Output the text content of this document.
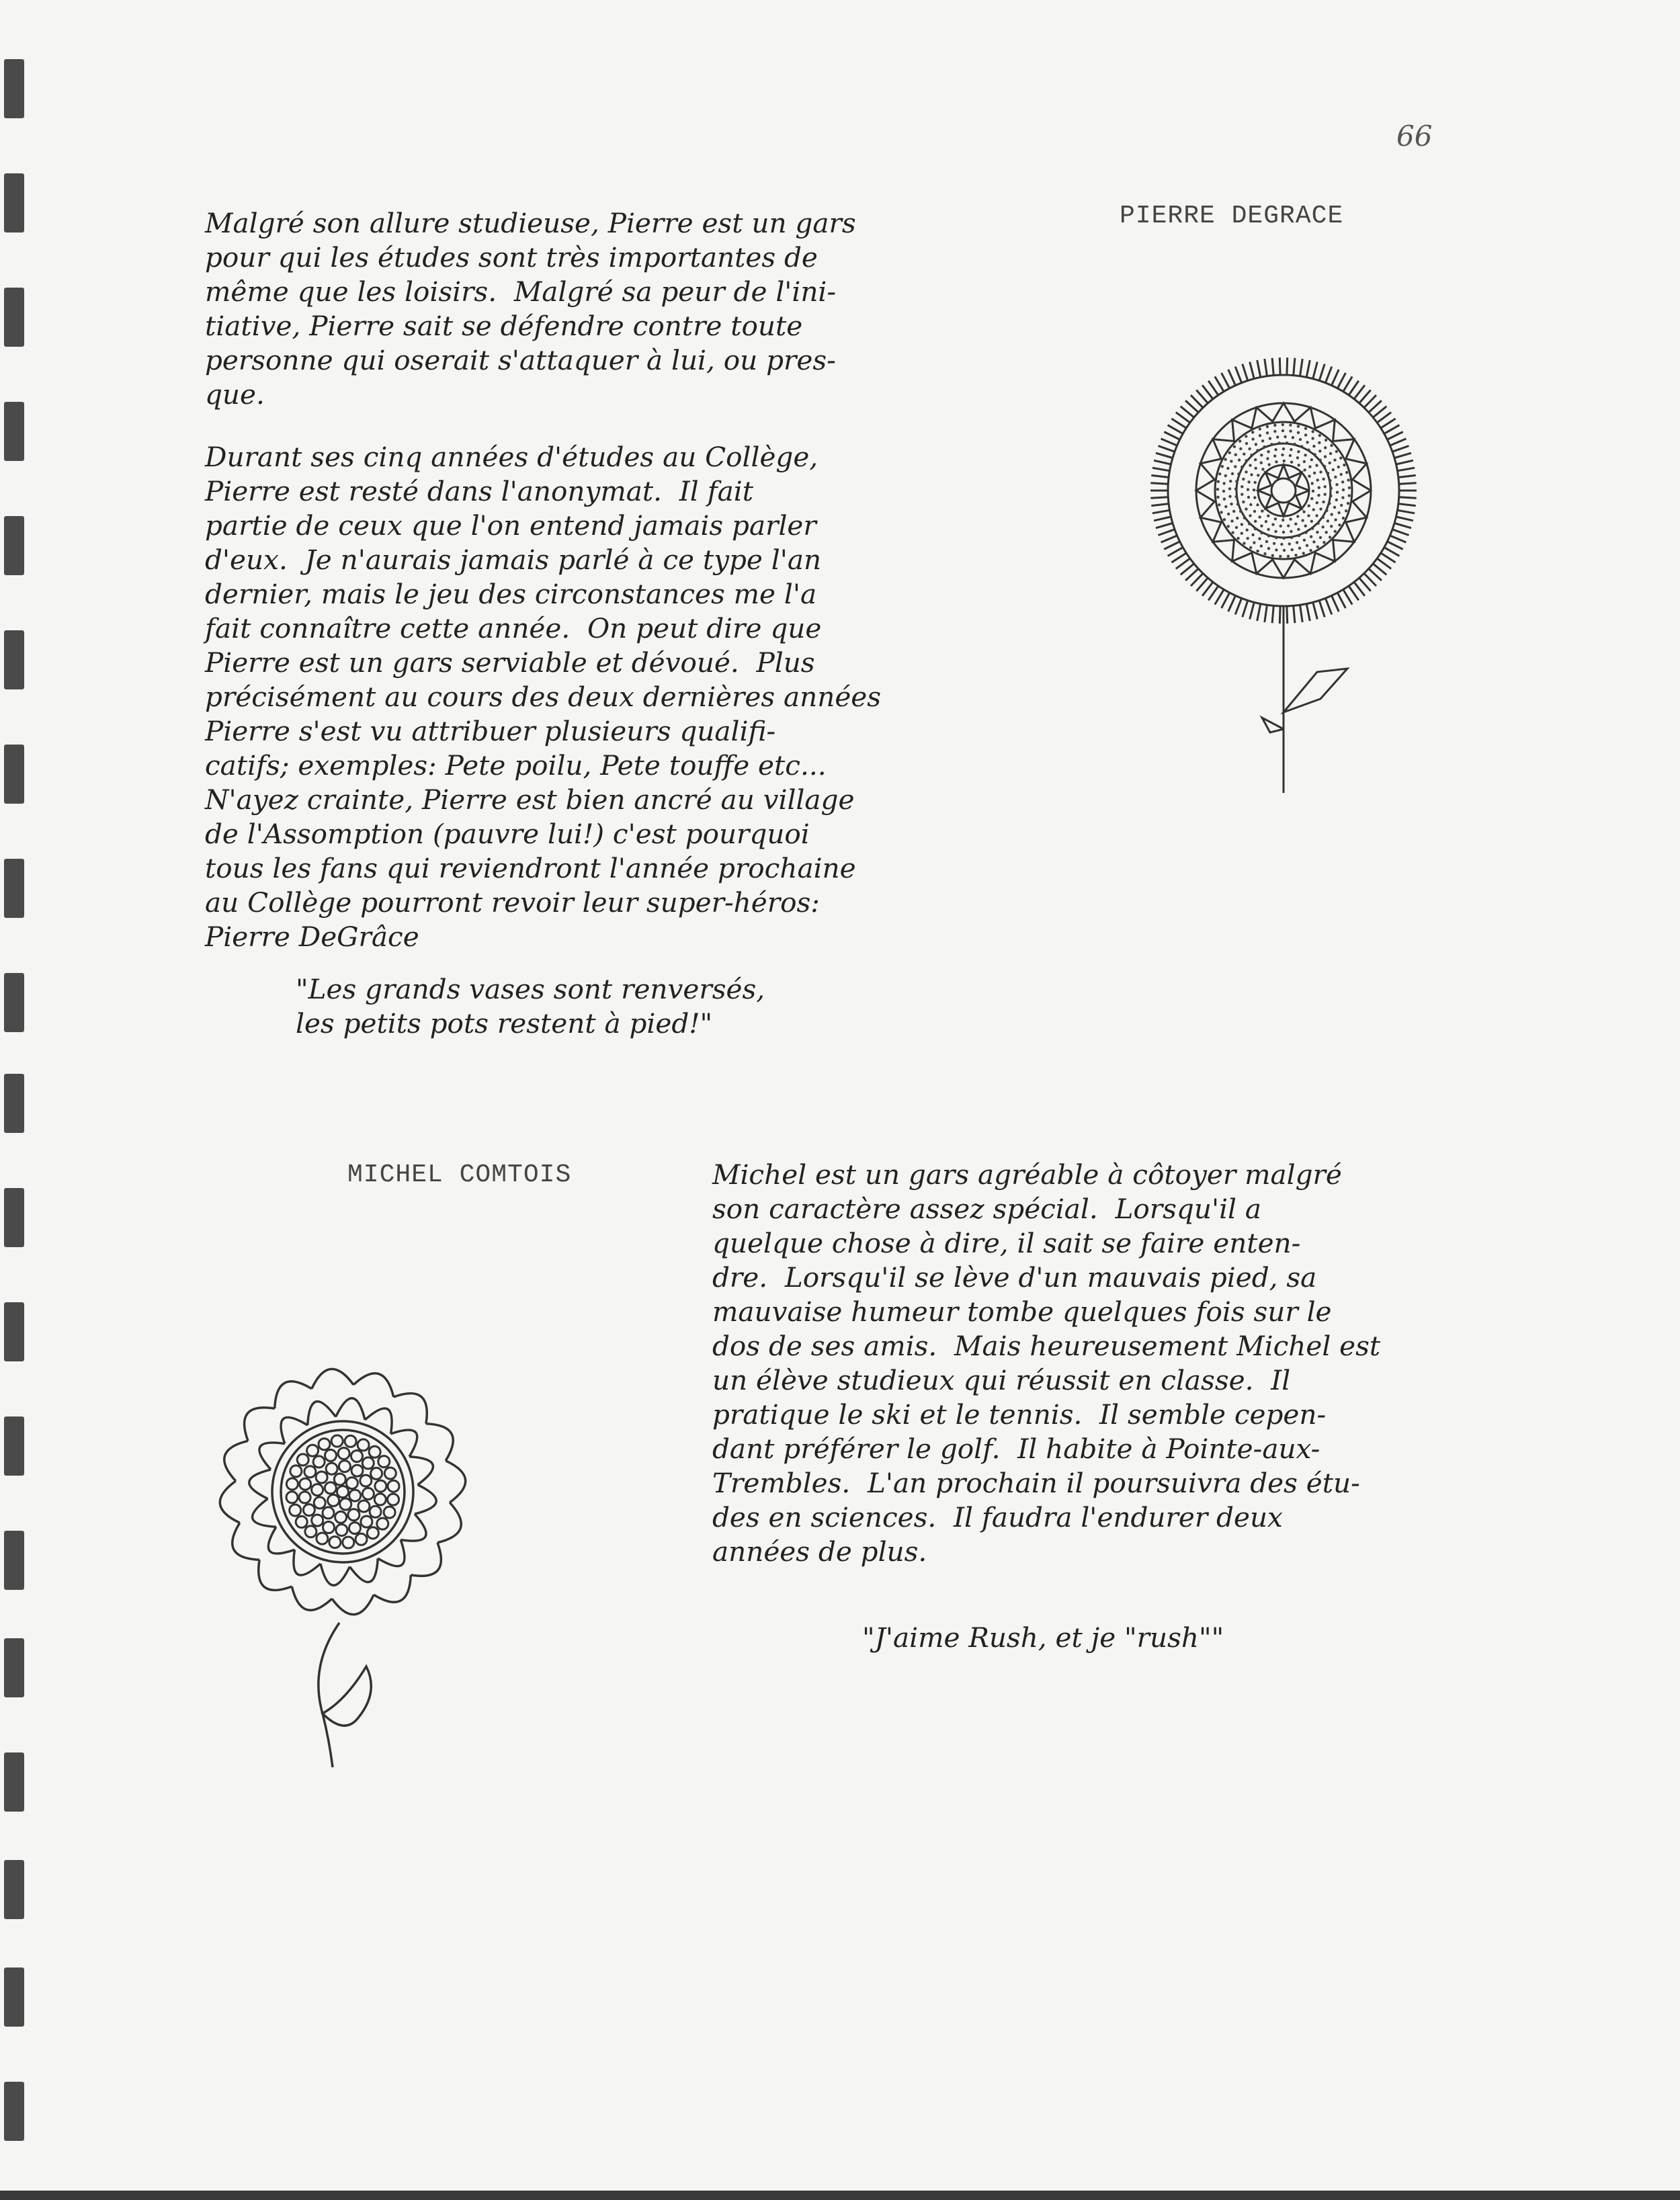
66
PIERRE DEGRACE
Malgré son allure studieuse, Pierre est un gars
pour qui les études sont très importantes de
même que les loisirs.  Malgré sa peur de l'ini-
tiative, Pierre sait se défendre contre toute
personne qui oserait s'attaquer à lui, ou pres-
que.
Durant ses cinq années d'études au Collège,
Pierre est resté dans l'anonymat.  Il fait
partie de ceux que l'on entend jamais parler
d'eux.  Je n'aurais jamais parlé à ce type l'an
dernier, mais le jeu des circonstances me l'a
fait connaître cette année.  On peut dire que
Pierre est un gars serviable et dévoué.  Plus
précisément au cours des deux dernières années
Pierre s'est vu attribuer plusieurs qualifi-
catifs; exemples: Pete poilu, Pete touffe etc...
N'ayez crainte, Pierre est bien ancré au village
de l'Assomption (pauvre lui!) c'est pourquoi
tous les fans qui reviendront l'année prochaine
au Collège pourront revoir leur super-héros:
Pierre DeGrâce
"Les grands vases sont renversés,
les petits pots restent à pied!"
MICHEL COMTOIS	Michel est un gars agréable à côtoyer malgré
son caractère assez spécial.  Lorsqu'il a
quelque chose à dire, il sait se faire enten-
dre.  Lorsqu'il se lève d'un mauvais pied, sa
mauvaise humeur tombe quelques fois sur le
dos de ses amis.  Mais heureusement Michel est
un élève studieux qui réussit en classe.  Il
pratique le ski et le tennis.  Il semble cepen-
dant préférer le golf.  Il habite à Pointe-aux-
Trembles.  L'an prochain il poursuivra des étu-
des en sciences.  Il faudra l'endurer deux
années de plus.
"J'aime Rush, et je "rush""
